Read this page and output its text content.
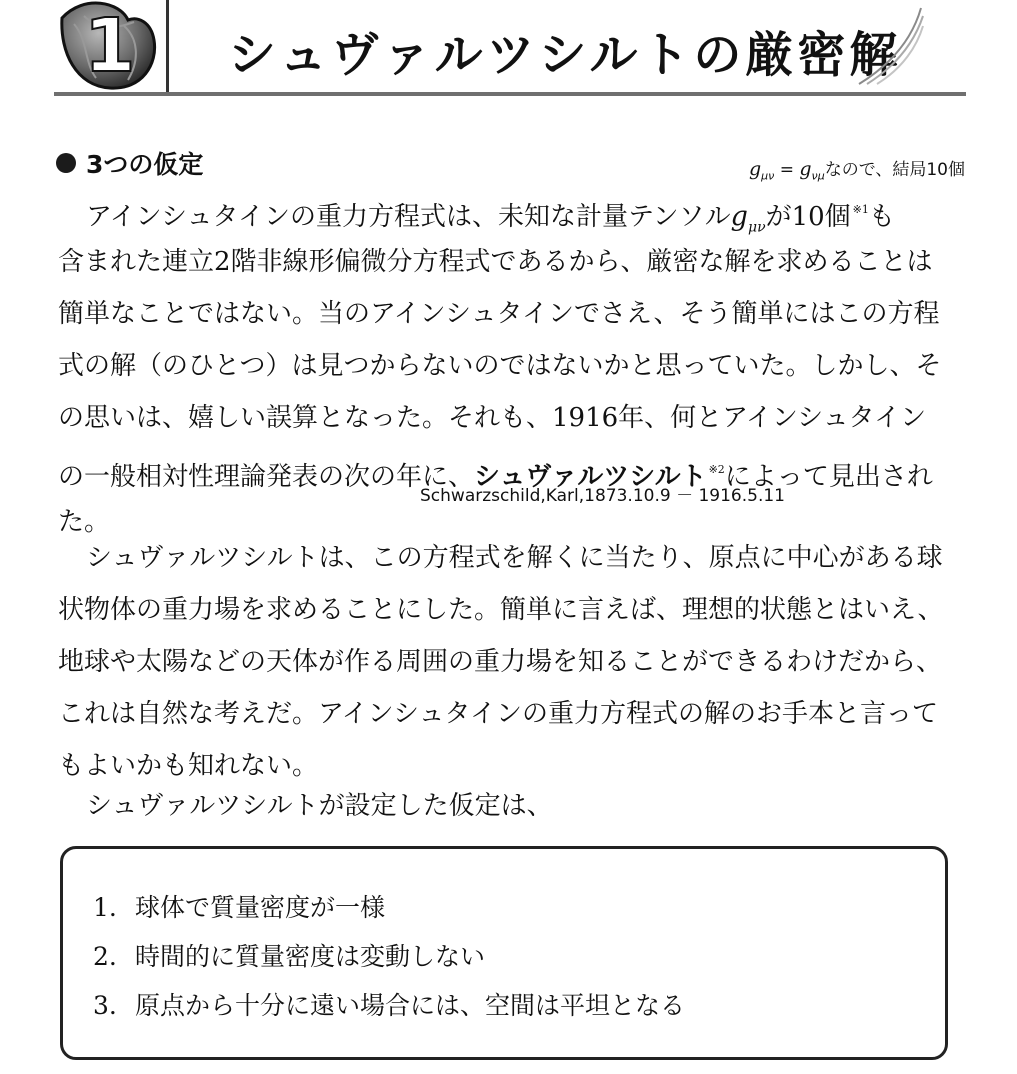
1 シュヴァルツシルトの厳密解
3つの仮定	$g_{\mu\nu} = g_{\nu\mu}$なので、結局10個
アインシュタインの重力方程式は、未知な計量テンソル$g_{\mu\nu}$が10個 $^{※1}$も
含まれた連立2階非線形偏微分方程式であるから、厳密な解を求めることは
簡単なことではない。当のアインシュタインでさえ、そう簡単にはこの方程
式の解（のひとつ）は見つからないのではないかと思っていた。しかし、そ
の思いは、嬉しい誤算となった。それも、1916年、何とアインシュタイン
の一般相対性理論発表の次の年に、シュヴァルツシルト $^{※2}$によって見出され
た。
Schwarzschild,Karl,1873.10.9 － 1916.5.11
シュヴァルツシルトは、この方程式を解くに当たり、原点に中心がある球
状物体の重力場を求めることにした。簡単に言えば、理想的状態とはいえ、
地球や太陽などの天体が作る周囲の重力場を知ることができるわけだから、
これは自然な考えだ。アインシュタインの重力方程式の解のお手本と言って
もよいかも知れない。
シュヴァルツシルトが設定した仮定は、
1. 球体で質量密度が一様
2. 時間的に質量密度は変動しない
3. 原点から十分に遠い場合には、空間は平坦となる
